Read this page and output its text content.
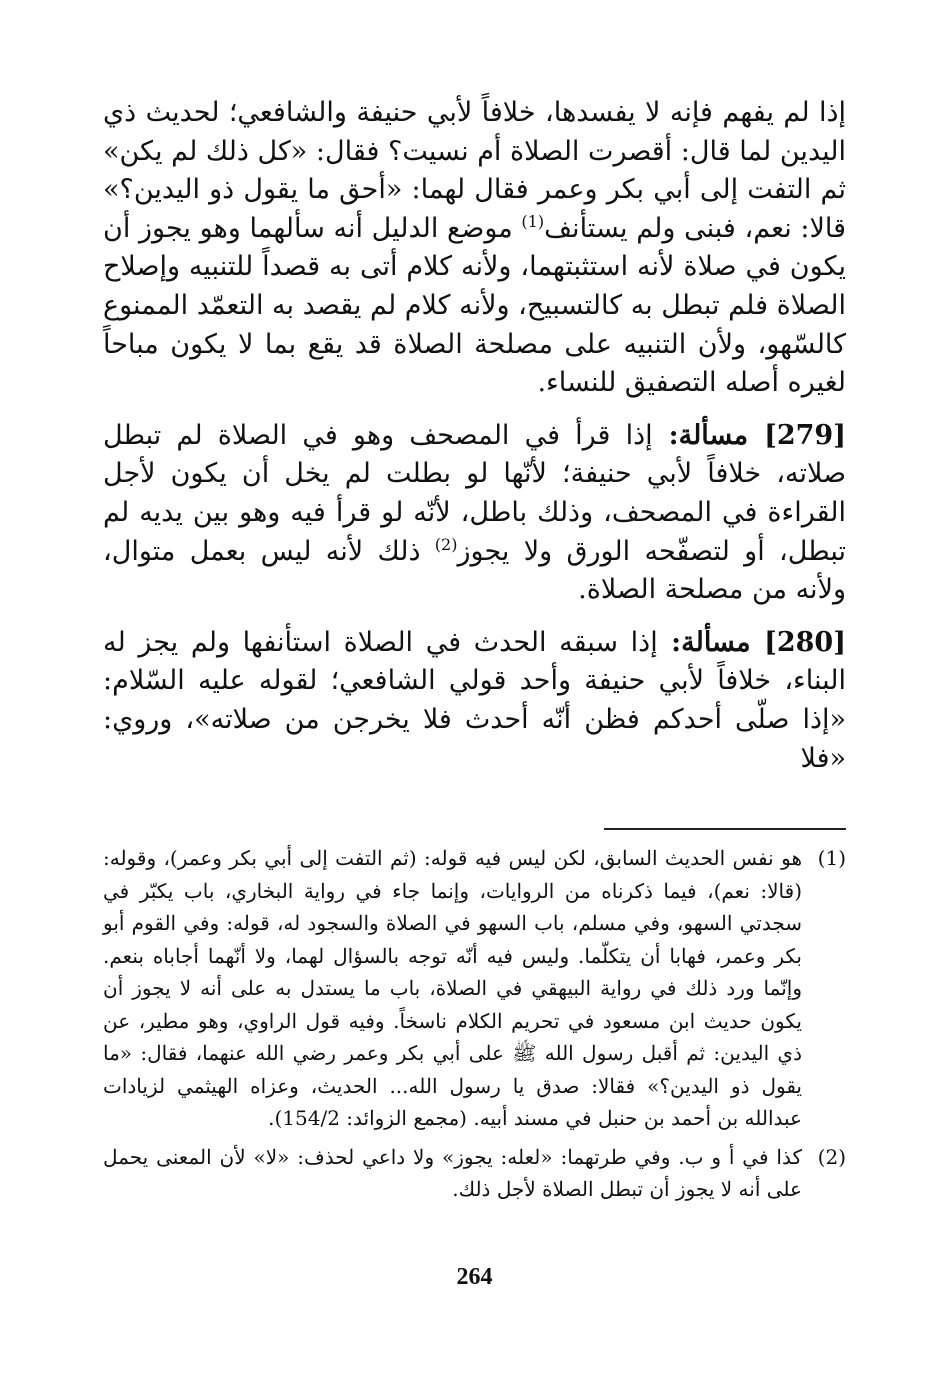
إذا لم يفهم فإنه لا يفسدها، خلافاً لأبي حنيفة والشافعي؛ لحديث ذي اليدين لما قال: أقصرت الصلاة أم نسيت؟ فقال: «كل ذلك لم يكن» ثم التفت إلى أبي بكر وعمر فقال لهما: «أحق ما يقول ذو اليدين؟» قالا: نعم، فبنى ولم يستأنف$^{(1)}$ موضع الدليل أنه سألهما وهو يجوز أن يكون في صلاة لأنه استثبتهما، ولأنه كلام أتى به قصداً للتنبيه وإصلاح الصلاة فلم تبطل به كالتسبيح، ولأنه كلام لم يقصد به التعمّد الممنوع كالسّهو، ولأن التنبيه على مصلحة الصلاة قد يقع بما لا يكون مباحاً لغيره أصله التصفيق للنساء.

[279] مسألة: إذا قرأ في المصحف وهو في الصلاة لم تبطل صلاته، خلافاً لأبي حنيفة؛ لأنّها لو بطلت لم يخل أن يكون لأجل القراءة في المصحف، وذلك باطل، لأنّه لو قرأ فيه وهو بين يديه لم تبطل، أو لتصفّحه الورق ولا يجوز$^{(2)}$ ذلك لأنه ليس بعمل متوال، ولأنه من مصلحة الصلاة.

[280] مسألة: إذا سبقه الحدث في الصلاة استأنفها ولم يجز له البناء، خلافاً لأبي حنيفة وأحد قولي الشافعي؛ لقوله عليه السّلام: «إذا صلّى أحدكم فظن أنّه أحدث فلا يخرجن من صلاته»، وروي: «فلا

(1)
هو نفس الحديث السابق، لكن ليس فيه قوله: (ثم التفت إلى أبي بكر وعمر)، وقوله: (قالا: نعم)، فيما ذكرناه من الروايات، وإنما جاء في رواية البخاري، باب يكبّر في سجدتي السهو، وفي مسلم، باب السهو في الصلاة والسجود له، قوله: وفي القوم أبو بكر وعمر، فهابا أن يتكلّما. وليس فيه أنّه توجه بالسؤال لهما، ولا أنّهما أجاباه بنعم. وإنّما ورد ذلك في رواية البيهقي في الصلاة، باب ما يستدل به على أنه لا يجوز أن يكون حديث ابن مسعود في تحريم الكلام ناسخاً. وفيه قول الراوي، وهو مطير، عن ذي اليدين: ثم أقبل رسول الله ﷺ على أبي بكر وعمر رضي الله عنهما، فقال: «ما يقول ذو اليدين؟» فقالا: صدق يا رسول الله... الحديث، وعزاه الهيثمي لزيادات عبدالله بن أحمد بن حنبل في مسند أبيه. (مجمع الزوائد: 154/2).
(2)
كذا في أ و ب. وفي طرتهما: «لعله: يجوز» ولا داعي لحذف: «لا» لأن المعنى يحمل على أنه لا يجوز أن تبطل الصلاة لأجل ذلك.
264
